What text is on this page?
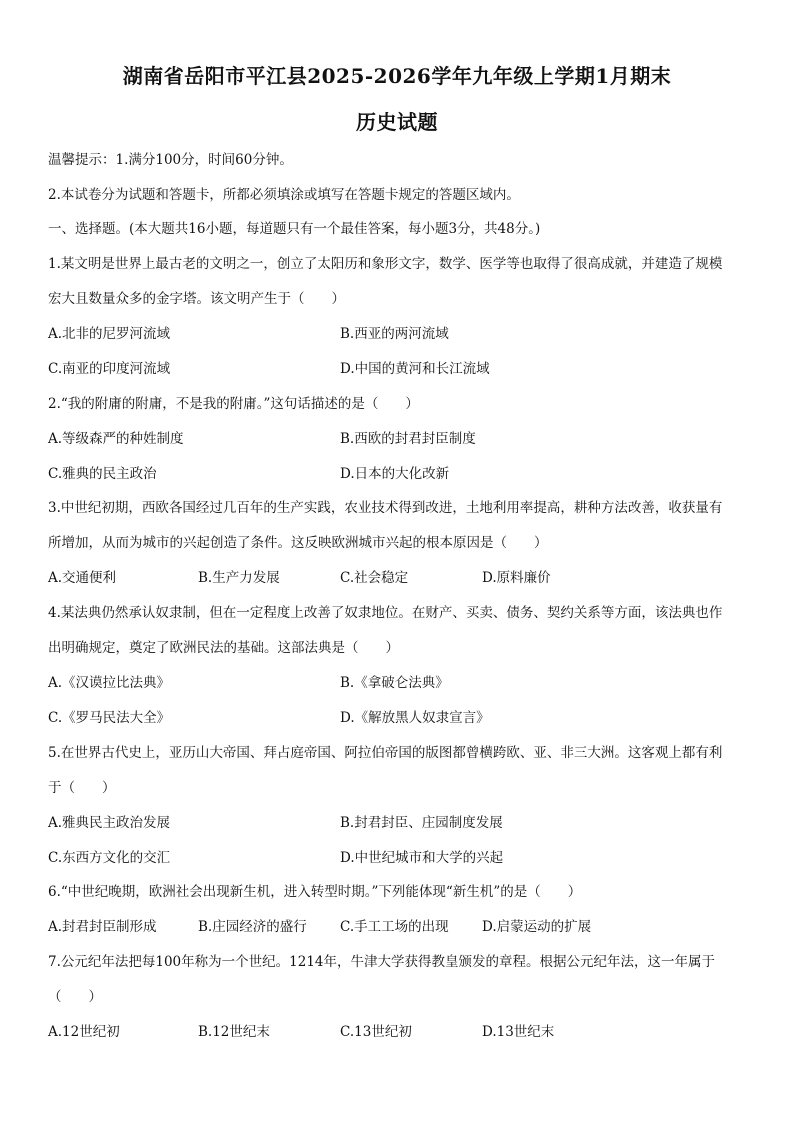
湖南省岳阳市平江县2025-2026学年九年级上学期1月期末
历史试题
温馨提示：1.满分100分，时间60分钟。
2.本试卷分为试题和答题卡，所都必须填涂或填写在答题卡规定的答题区域内。
一、选择题。(本大题共16小题，每道题只有一个最佳答案，每小题3分，共48分。)
1.某文明是世界上最古老的文明之一，创立了太阳历和象形文字，数学、医学等也取得了很高成就，并建造了规模
宏大且数量众多的金字塔。该文明产生于（　　）
A.北非的尼罗河流域	B.西亚的两河流域
C.南亚的印度河流域	D.中国的黄河和长江流域
2.“我的附庸的附庸，不是我的附庸。”这句话描述的是（　　）
A.等级森严的种姓制度	B.西欧的封君封臣制度
C.雅典的民主政治	D.日本的大化改新
3.中世纪初期，西欧各国经过几百年的生产实践，农业技术得到改进，土地利用率提高，耕种方法改善，收获量有
所增加，从而为城市的兴起创造了条件。这反映欧洲城市兴起的根本原因是（　　）
A.交通便利	B.生产力发展	C.社会稳定	D.原料廉价
4.某法典仍然承认奴隶制，但在一定程度上改善了奴隶地位。在财产、买卖、债务、契约关系等方面，该法典也作
出明确规定，奠定了欧洲民法的基础。这部法典是（　　）
A.《汉谟拉比法典》	B.《拿破仑法典》
C.《罗马民法大全》	D.《解放黑人奴隶宣言》
5.在世界古代史上，亚历山大帝国、拜占庭帝国、阿拉伯帝国的版图都曾横跨欧、亚、非三大洲。这客观上都有利
于（　　）
A.雅典民主政治发展	B.封君封臣、庄园制度发展
C.东西方文化的交汇	D.中世纪城市和大学的兴起
6.“中世纪晚期，欧洲社会出现新生机，进入转型时期。”下列能体现“新生机”的是（　　）
A.封君封臣制形成	B.庄园经济的盛行 C.手工工场的出现 D.启蒙运动的扩展
7.公元纪年法把每100年称为一个世纪。1214年，牛津大学获得教皇颁发的章程。根据公元纪年法，这一年属于
（　　）
A.12世纪初	B.12世纪末	C.13世纪初	D.13世纪末
